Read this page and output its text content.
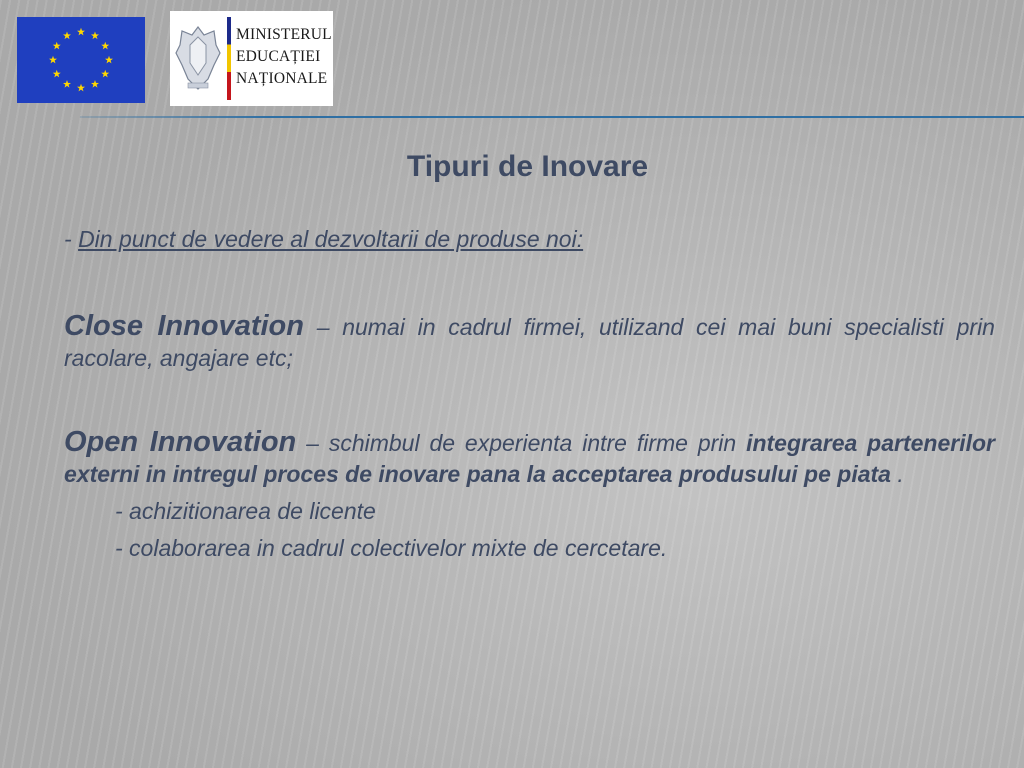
MINISTERUL
EDUCAȚIEI
NAȚIONALE
Tipuri de Inovare

- Din punct de vedere al dezvoltarii de produse noi:

Close Innovation – numai in cadrul firmei, utilizand cei mai buni specialisti prin racolare, angajare etc;

Open Innovation – schimbul de experienta intre firme prin integrarea partenerilor externi in intregul proces de inovare pana la acceptarea produsului pe piata .

- achizitionarea de licente

- colaborarea in cadrul colectivelor mixte de cercetare.
